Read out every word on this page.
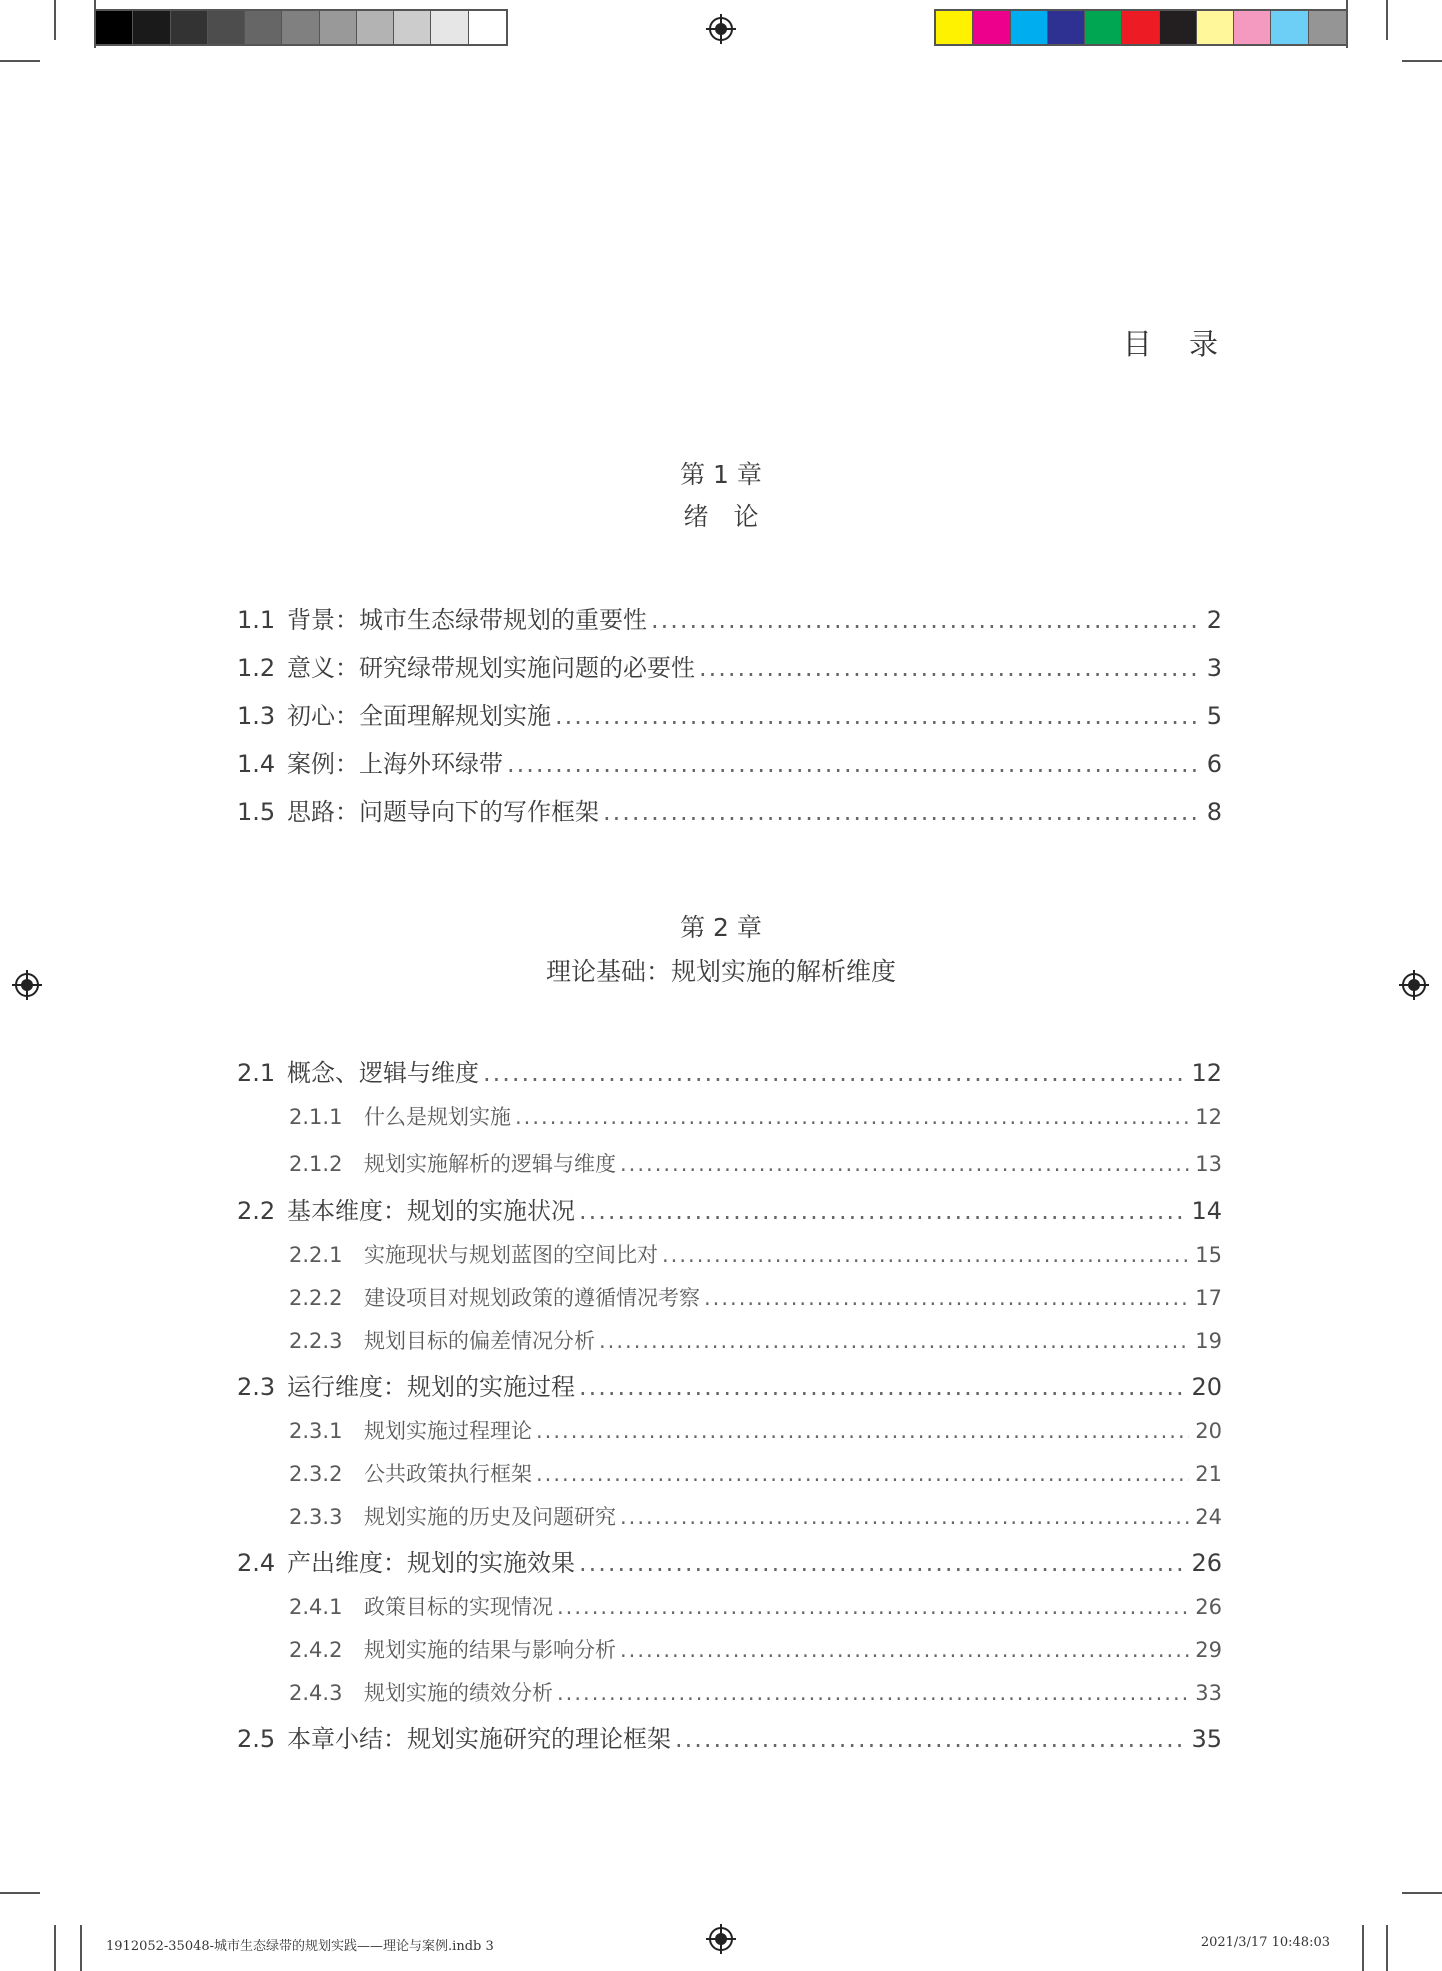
目 录
第 1 章
绪　论
1.1 背景：城市生态绿带规划的重要性 .....	2
1.2 意义：研究绿带规划实施问题的必要性 .....	3
1.3 初心：全面理解规划实施 .....	5
1.4 案例：上海外环绿带 .....	6
1.5 思路：问题导向下的写作框架 .....	8
第 2 章
理论基础：规划实施的解析维度
2.1 概念、逻辑与维度 .....	12
2.1.1	什么是规划实施 .....	12
2.1.2	规划实施解析的逻辑与维度 .....	13
2.2 基本维度：规划的实施状况 .....	14
2.2.1	实施现状与规划蓝图的空间比对 .....	15
2.2.2	建设项目对规划政策的遵循情况考察 .....	17
2.2.3	规划目标的偏差情况分析 .....	19
2.3 运行维度：规划的实施过程 .....	20
2.3.1	规划实施过程理论 .....	20
2.3.2	公共政策执行框架 .....	21
2.3.3	规划实施的历史及问题研究 .....	24
2.4 产出维度：规划的实施效果 .....	26
2.4.1	政策目标的实现情况 .....	26
2.4.2	规划实施的结果与影响分析 .....	29
2.4.3	规划实施的绩效分析 .....	33
2.5 本章小结：规划实施研究的理论框架 .....	35
1912052-35048-城市生态绿带的规划实践——理论与案例.indb 3	2021/3/17 10:48:03
